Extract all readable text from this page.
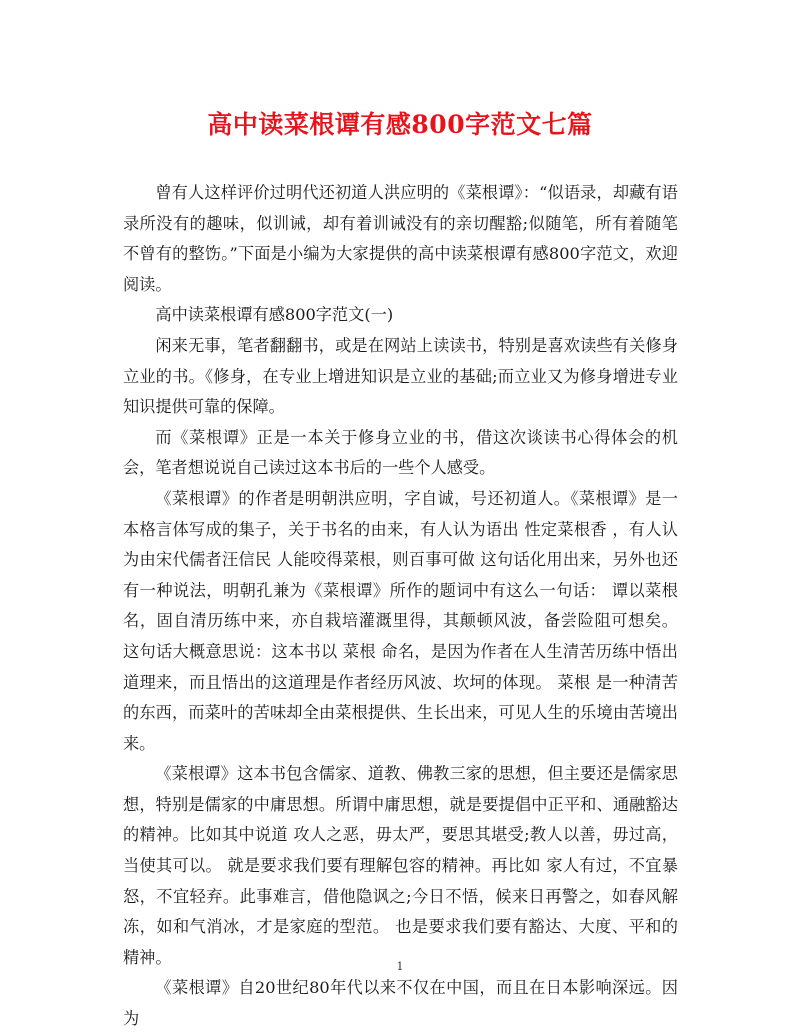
高中读菜根谭有感800字范文七篇

曾有人这样评价过明代还初道人洪应明的《菜根谭》：“似语录，却藏有语录所没有的趣味，似训诫，却有着训诫没有的亲切醒豁;似随笔，所有着随笔不曾有的整饬。”下面是小编为大家提供的高中读菜根谭有感800字范文，欢迎阅读。

高中读菜根谭有感800字范文(一)

闲来无事，笔者翻翻书，或是在网站上读读书，特别是喜欢读些有关修身立业的书。《修身，在专业上增进知识是立业的基础;而立业又为修身增进专业知识提供可靠的保障。

而《菜根谭》正是一本关于修身立业的书，借这次谈读书心得体会的机会，笔者想说说自己读过这本书后的一些个人感受。

《菜根谭》的作者是明朝洪应明，字自诚，号还初道人。《菜根谭》是一本格言体写成的集子，关于书名的由来，有人认为语出 性定菜根香 ，有人认为由宋代儒者汪信民 人能咬得菜根，则百事可做 这句话化用出来，另外也还有一种说法，明朝孔兼为《菜根谭》所作的题词中有这么一句话： 谭以菜根名，固自清历练中来，亦自栽培灌溉里得，其颠顿风波，备尝险阻可想矣。 这句话大概意思说：这本书以 菜根 命名，是因为作者在人生清苦历练中悟出道理来，而且悟出的这道理是作者经历风波、坎坷的体现。 菜根 是一种清苦的东西，而菜叶的苦味却全由菜根提供、生长出来，可见人生的乐境由苦境出来。

《菜根谭》这本书包含儒家、道教、佛教三家的思想，但主要还是儒家思想，特别是儒家的中庸思想。所谓中庸思想，就是要提倡中正平和、通融豁达的精神。比如其中说道 攻人之恶，毋太严，要思其堪受;教人以善，毋过高，当使其可以。 就是要求我们要有理解包容的精神。再比如 家人有过，不宜暴怒，不宜轻弃。此事难言，借他隐讽之;今日不悟，候来日再警之，如春风解冻，如和气消冰，才是家庭的型范。 也是要求我们要有豁达、大度、平和的精神。

《菜根谭》自20世纪80年代以来不仅在中国，而且在日本影响深远。因为

1
